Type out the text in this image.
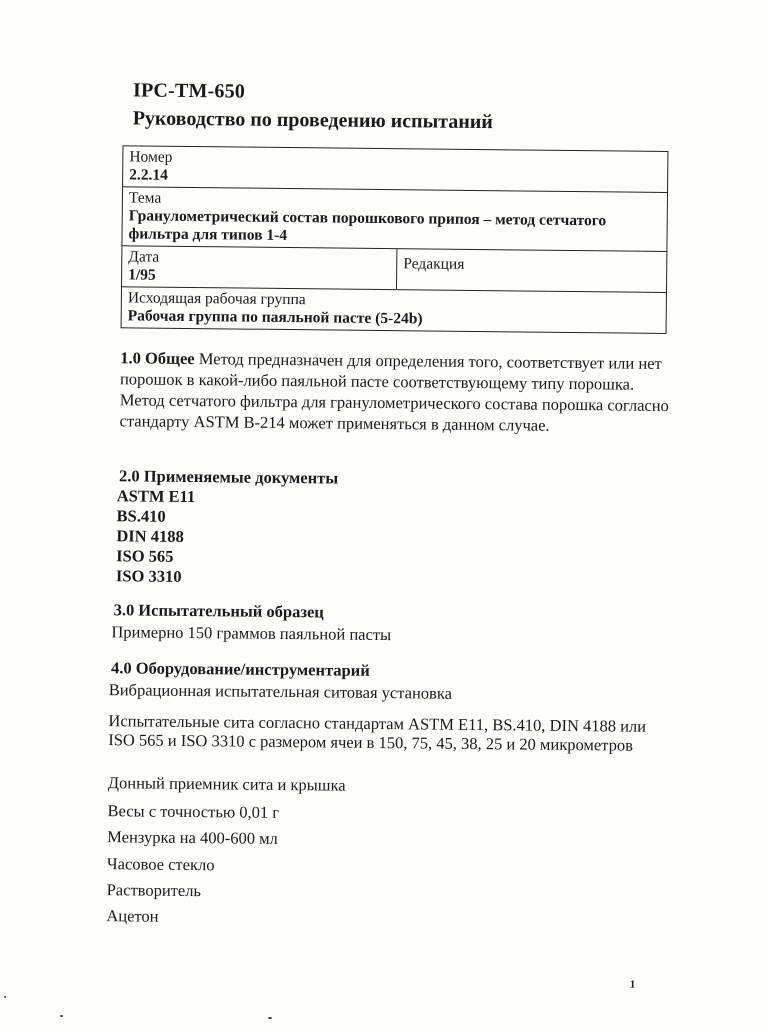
IPC-TM-650
Руководство по проведению испытаний
Номер
2.2.14
Тема
Гранулометрический состав порошкового припоя – метод сетчатого фильтра для типов 1-4
Дата
1/95
Редакция
Исходящая рабочая группа
Рабочая группа по паяльной пасте (5-24b)
1.0 Общее Метод предназначен для определения того, соответствует или нет порошок в какой-либо паяльной пасте соответствующему типу порошка. Метод сетчатого фильтра для гранулометрического состава порошка согласно стандарту ASTM B-214 может применяться в данном случае.
2.0 Применяемые документы
ASTM E11
BS.410
DIN 4188
ISO 565
ISO 3310
3.0 Испытательный образец
Примерно 150 граммов паяльной пасты
4.0 Оборудование/инструментарий
Вибрационная испытательная ситовая установка
Испытательные сита согласно стандартам ASTM E11, BS.410, DIN 4188 или ISO 565 и ISO 3310 с размером ячеи в 150, 75, 45, 38, 25 и 20 микрометров
Донный приемник сита и крышка
Весы с точностью 0,01 г
Мензурка на 400-600 мл
Часовое стекло
Растворитель
Ацетон
1
